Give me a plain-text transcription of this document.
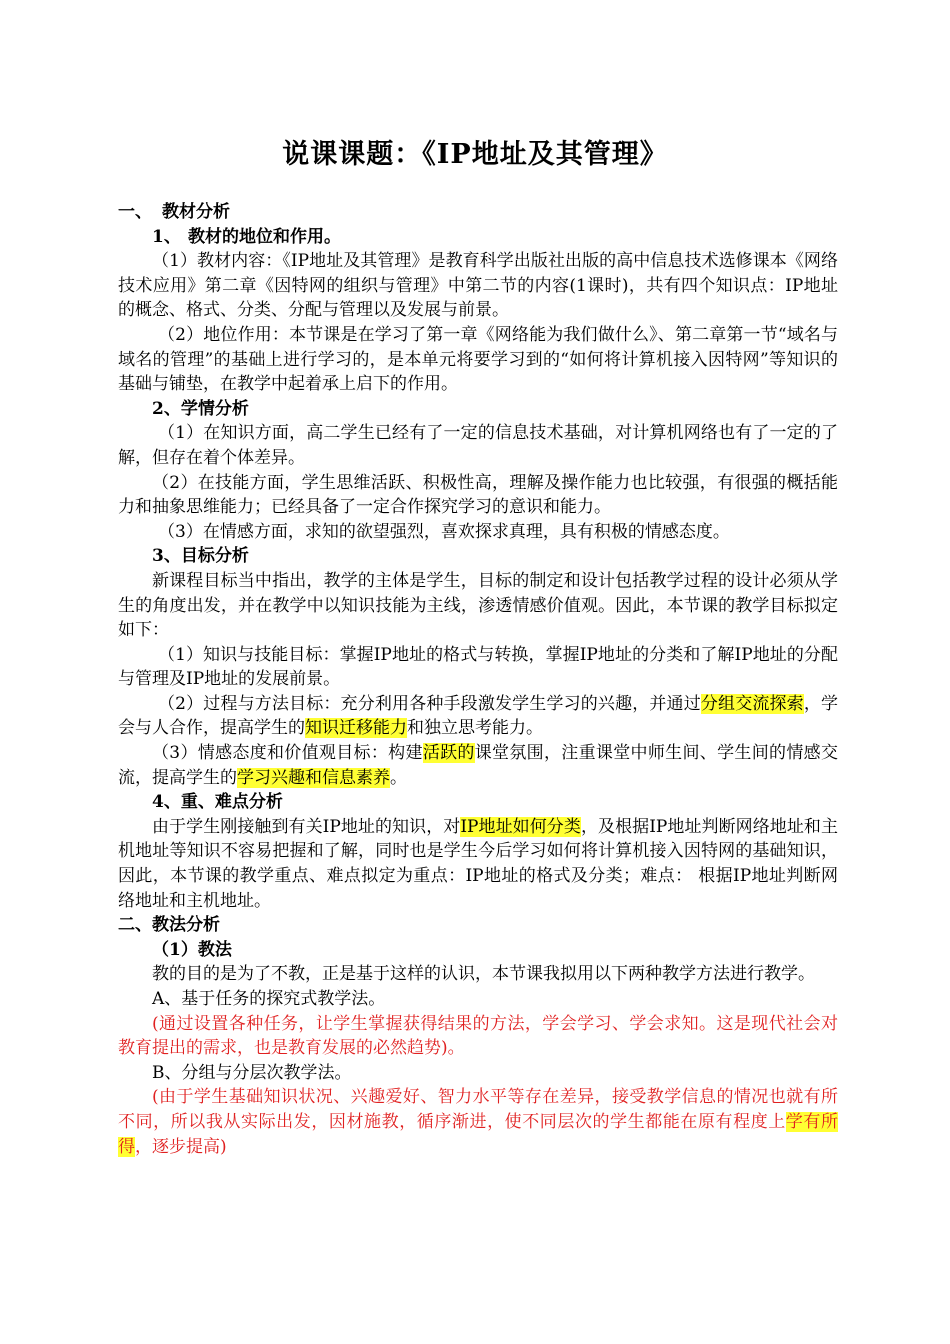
说课课题：《IP地址及其管理》

一、 教材分析

1、 教材的地位和作用。

（1）教材内容：《IP地址及其管理》是教育科学出版社出版的高中信息技术选修课本《网络技术应用》第二章《因特网的组织与管理》中第二节的内容(1课时)，共有四个知识点：IP地址的概念、格式、分类、分配与管理以及发展与前景。

（2）地位作用：本节课是在学习了第一章《网络能为我们做什么》、第二章第一节“域名与域名的管理”的基础上进行学习的，是本单元将要学习到的“如何将计算机接入因特网”等知识的基础与铺垫，在教学中起着承上启下的作用。

2、学情分析

（1）在知识方面，高二学生已经有了一定的信息技术基础，对计算机网络也有了一定的了解，但存在着个体差异。

（2）在技能方面，学生思维活跃、积极性高，理解及操作能力也比较强，有很强的概括能力和抽象思维能力；已经具备了一定合作探究学习的意识和能力。

（3）在情感方面，求知的欲望强烈，喜欢探求真理，具有积极的情感态度。

3、目标分析

新课程目标当中指出，教学的主体是学生，目标的制定和设计包括教学过程的设计必须从学生的角度出发，并在教学中以知识技能为主线，渗透情感价值观。因此，本节课的教学目标拟定如下：

（1）知识与技能目标：掌握IP地址的格式与转换，掌握IP地址的分类和了解IP地址的分配与管理及IP地址的发展前景。

（2）过程与方法目标：充分利用各种手段激发学生学习的兴趣，并通过分组交流探索，学会与人合作，提高学生的知识迁移能力和独立思考能力。

（3）情感态度和价值观目标：构建活跃的课堂氛围，注重课堂中师生间、学生间的情感交流，提高学生的学习兴趣和信息素养。

4、重、难点分析

由于学生刚接触到有关IP地址的知识，对IP地址如何分类，及根据IP地址判断网络地址和主机地址等知识不容易把握和了解，同时也是学生今后学习如何将计算机接入因特网的基础知识，因此，本节课的教学重点、难点拟定为重点：IP地址的格式及分类；难点： 根据IP地址判断网络地址和主机地址。

二、教法分析

（1）教法

教的目的是为了不教，正是基于这样的认识，本节课我拟用以下两种教学方法进行教学。

A、基于任务的探究式教学法。

(通过设置各种任务，让学生掌握获得结果的方法，学会学习、学会求知。这是现代社会对教育提出的需求，也是教育发展的必然趋势)。

B、分组与分层次教学法。

(由于学生基础知识状况、兴趣爱好、智力水平等存在差异，接受教学信息的情况也就有所不同，所以我从实际出发，因材施教，循序渐进，使不同层次的学生都能在原有程度上学有所得，逐步提高)
